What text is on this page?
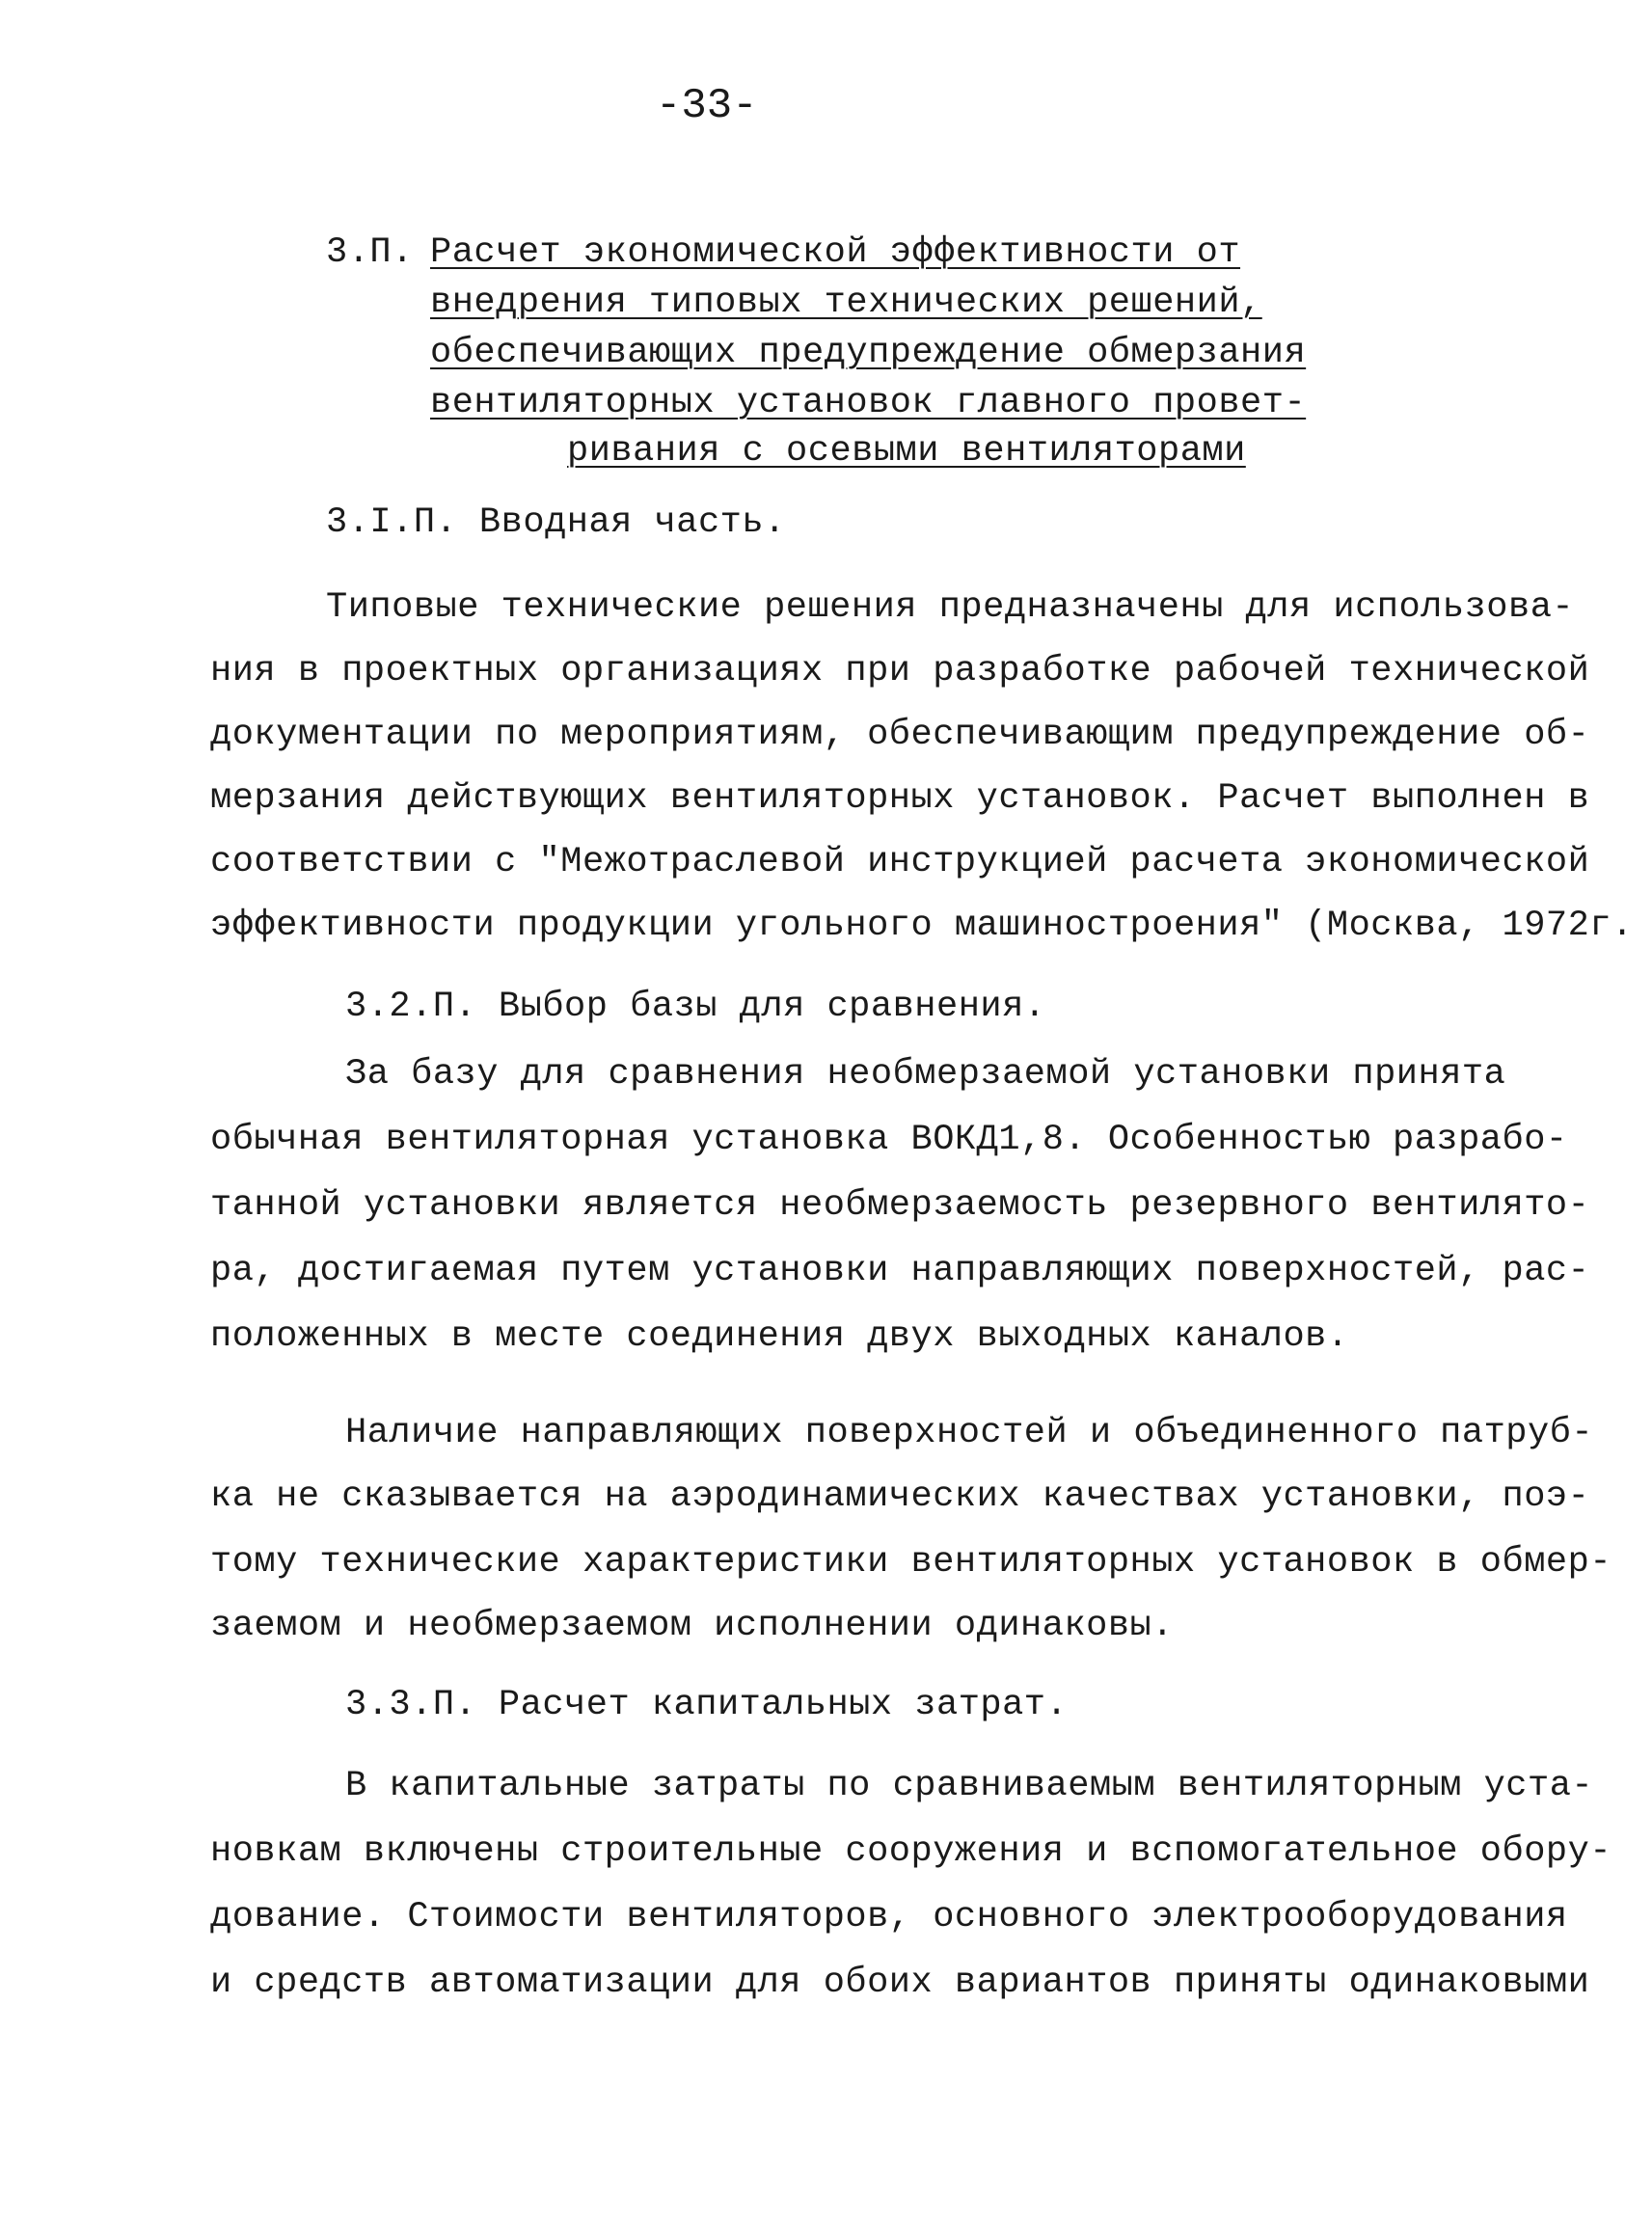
-33-
3.П. Расчет экономической эффективности от
внедрения типовых технических решений,
обеспечивающих предупреждение обмерзания
вентиляторных установок главного провет-
ривания с осевыми вентиляторами
3.I.П. Вводная часть.
Типовые технические решения предназначены для использова-
ния в проектных организациях при разработке рабочей технической
документации по мероприятиям, обеспечивающим предупреждение об-
мерзания действующих вентиляторных установок. Расчет выполнен в
соответствии с "Межотраслевой инструкцией расчета экономической
эффективности продукции угольного машиностроения" (Москва, 1972г.
3.2.П. Выбор базы для сравнения.
За базу для сравнения необмерзаемой установки принята
обычная вентиляторная установка ВОКД1,8. Особенностью разрабо-
танной установки является необмерзаемость резервного вентилято-
ра, достигаемая путем установки направляющих поверхностей, рас-
положенных в месте соединения двух выходных каналов.
Наличие направляющих поверхностей и объединенного патруб-
ка не сказывается на аэродинамических качествах установки, поэ-
тому технические характеристики вентиляторных установок в обмер-
заемом и необмерзаемом исполнении одинаковы.
3.3.П. Расчет капитальных затрат.
В капитальные затраты по сравниваемым вентиляторным уста-
новкам включены строительные сооружения и вспомогательное обору-
дование. Стоимости вентиляторов, основного электрооборудования
и средств автоматизации для обоих вариантов приняты одинаковыми
